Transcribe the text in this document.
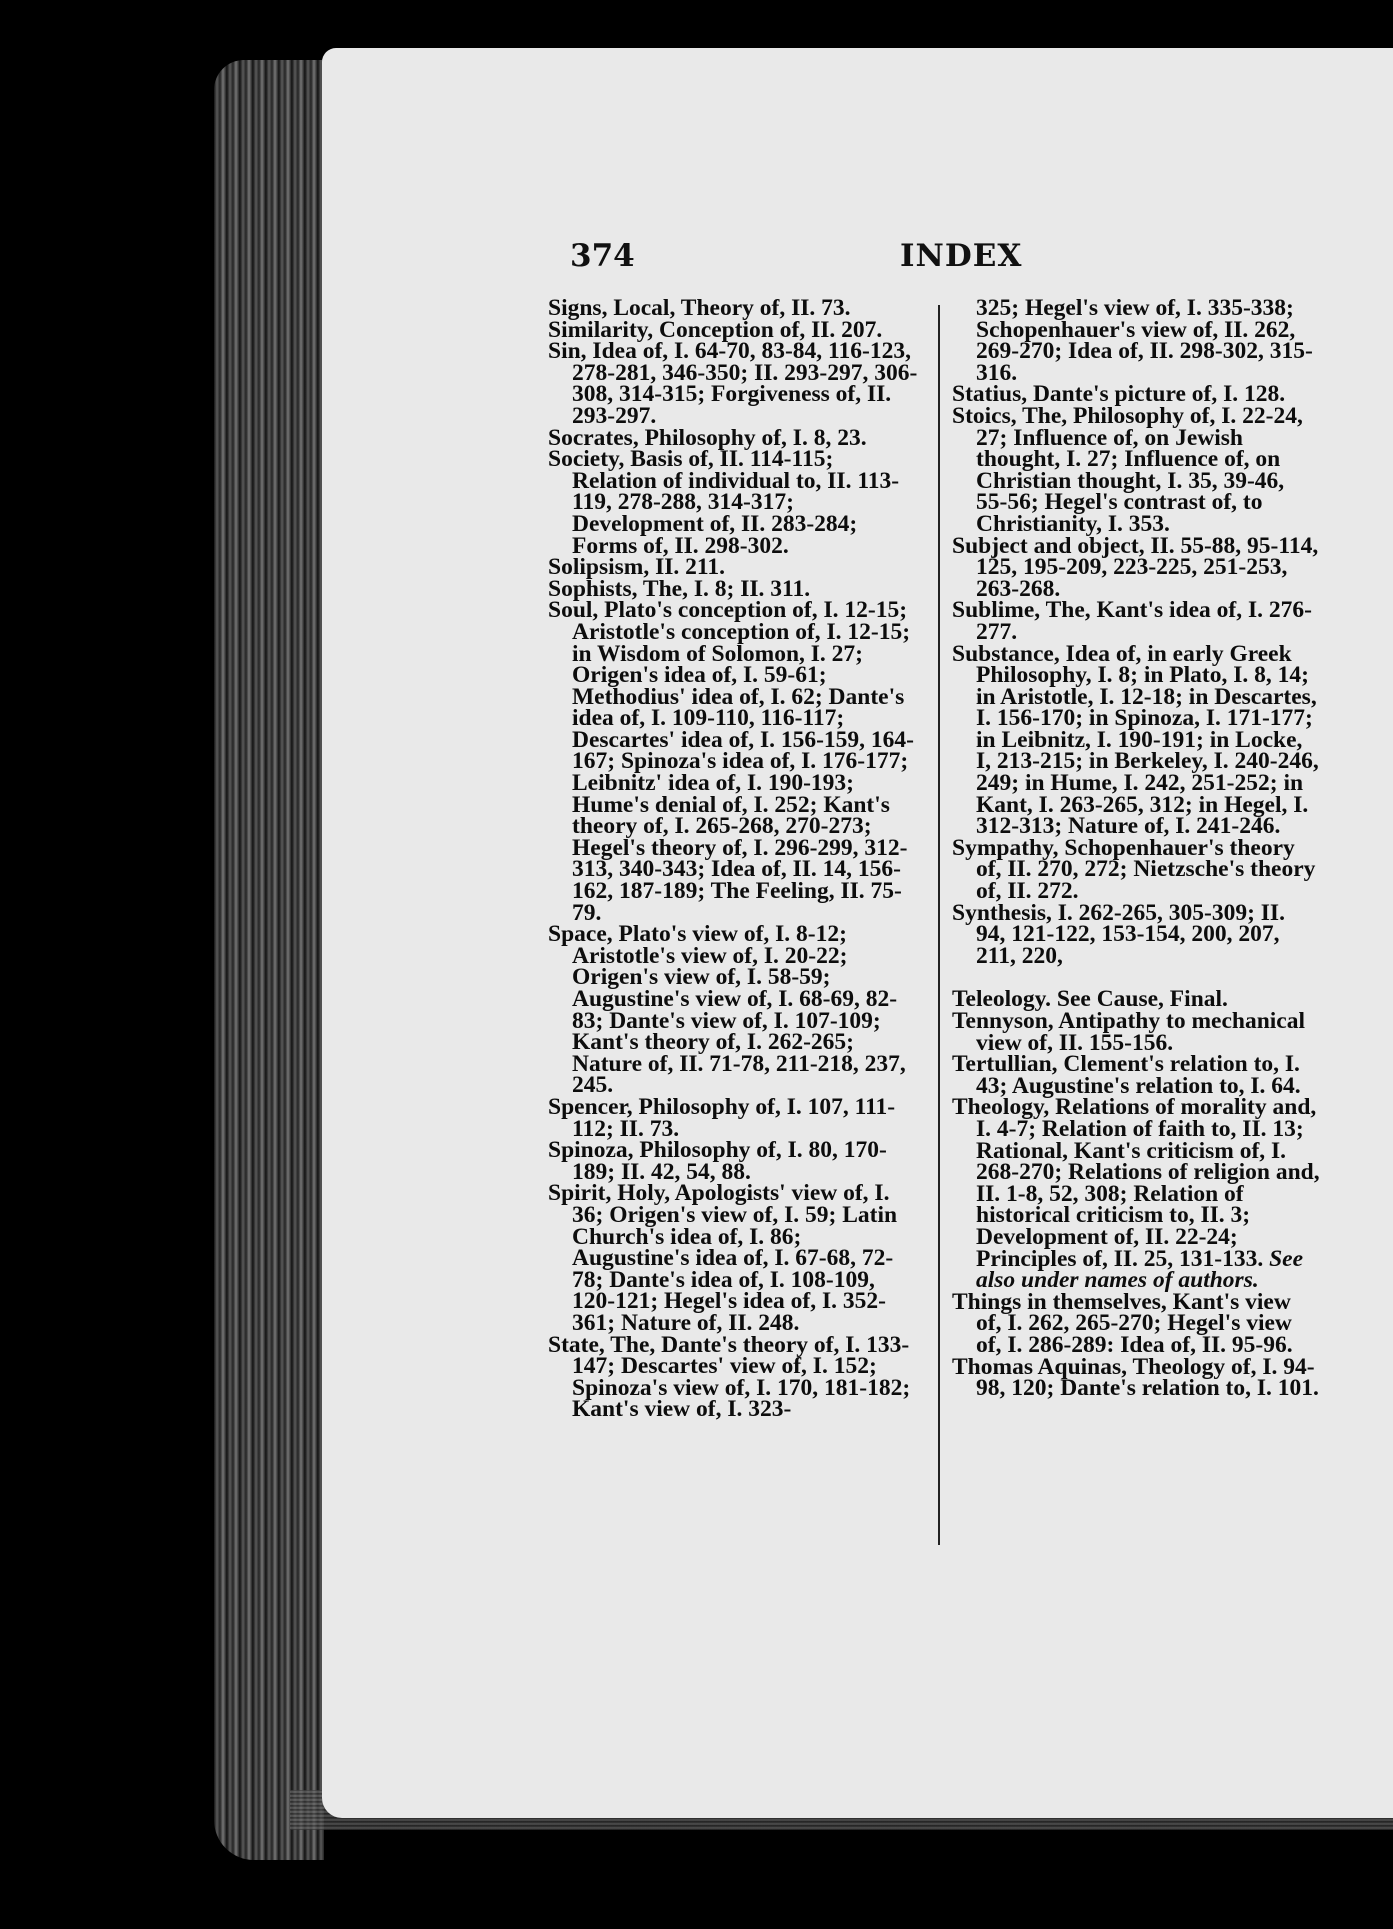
374	INDEX

Signs, Local, Theory of, II. 73.

Similarity, Conception of, II. 207.

Sin, Idea of, I. 64-70, 83-84, 116-123, 278-281, 346-350; II. 293-297, 306-308, 314-315; Forgiveness of, II. 293-297.

Socrates, Philosophy of, I. 8, 23.

Society, Basis of, II. 114-115; Relation of individual to, II. 113-119, 278-288, 314-317; Development of, II. 283-284; Forms of, II. 298-302.

Solipsism, II. 211.

Sophists, The, I. 8; II. 311.

Soul, Plato's conception of, I. 12-15; Aristotle's conception of, I. 12-15; in Wisdom of Solomon, I. 27; Origen's idea of, I. 59-61; Methodius' idea of, I. 62; Dante's idea of, I. 109-110, 116-117; Descartes' idea of, I. 156-159, 164-167; Spinoza's idea of, I. 176-177; Leibnitz' idea of, I. 190-193; Hume's denial of, I. 252; Kant's theory of, I. 265-268, 270-273; Hegel's theory of, I. 296-299, 312-313, 340-343; Idea of, II. 14, 156-162, 187-189; The Feeling, II. 75-79.

Space, Plato's view of, I. 8-12; Aristotle's view of, I. 20-22; Origen's view of, I. 58-59; Augustine's view of, I. 68-69, 82-83; Dante's view of, I. 107-109; Kant's theory of, I. 262-265; Nature of, II. 71-78, 211-218, 237, 245.

Spencer, Philosophy of, I. 107, 111-112; II. 73.

Spinoza, Philosophy of, I. 80, 170-189; II. 42, 54, 88.

Spirit, Holy, Apologists' view of, I. 36; Origen's view of, I. 59; Latin Church's idea of, I. 86; Augustine's idea of, I. 67-68, 72-78; Dante's idea of, I. 108-109, 120-121; Hegel's idea of, I. 352-361; Nature of, II. 248.

State, The, Dante's theory of, I. 133-147; Descartes' view of, I. 152; Spinoza's view of, I. 170, 181-182; Kant's view of, I. 323-

325; Hegel's view of, I. 335-338; Schopenhauer's view of, II. 262, 269-270; Idea of, II. 298-302, 315-316.

Statius, Dante's picture of, I. 128.

Stoics, The, Philosophy of, I. 22-24, 27; Influence of, on Jewish thought, I. 27; Influence of, on Christian thought, I. 35, 39-46, 55-56; Hegel's contrast of, to Christianity, I. 353.

Subject and object, II. 55-88, 95-114, 125, 195-209, 223-225, 251-253, 263-268.

Sublime, The, Kant's idea of, I. 276-277.

Substance, Idea of, in early Greek Philosophy, I. 8; in Plato, I. 8, 14; in Aristotle, I. 12-18; in Descartes, I. 156-170; in Spinoza, I. 171-177; in Leibnitz, I. 190-191; in Locke, I, 213-215; in Berkeley, I. 240-246, 249; in Hume, I. 242, 251-252; in Kant, I. 263-265, 312; in Hegel, I. 312-313; Nature of, I. 241-246.

Sympathy, Schopenhauer's theory of, II. 270, 272; Nietzsche's theory of, II. 272.

Synthesis, I. 262-265, 305-309; II. 94, 121-122, 153-154, 200, 207, 211, 220,

Teleology. See Cause, Final.

Tennyson, Antipathy to mechanical view of, II. 155-156.

Tertullian, Clement's relation to, I. 43; Augustine's relation to, I. 64.

Theology, Relations of morality and, I. 4-7; Relation of faith to, II. 13; Rational, Kant's criticism of, I. 268-270; Relations of religion and, II. 1-8, 52, 308; Relation of historical criticism to, II. 3; Development of, II. 22-24; Principles of, II. 25, 131-133. See also under names of authors.

Things in themselves, Kant's view of, I. 262, 265-270; Hegel's view of, I. 286-289: Idea of, II. 95-96.

Thomas Aquinas, Theology of, I. 94-98, 120; Dante's relation to, I. 101.
